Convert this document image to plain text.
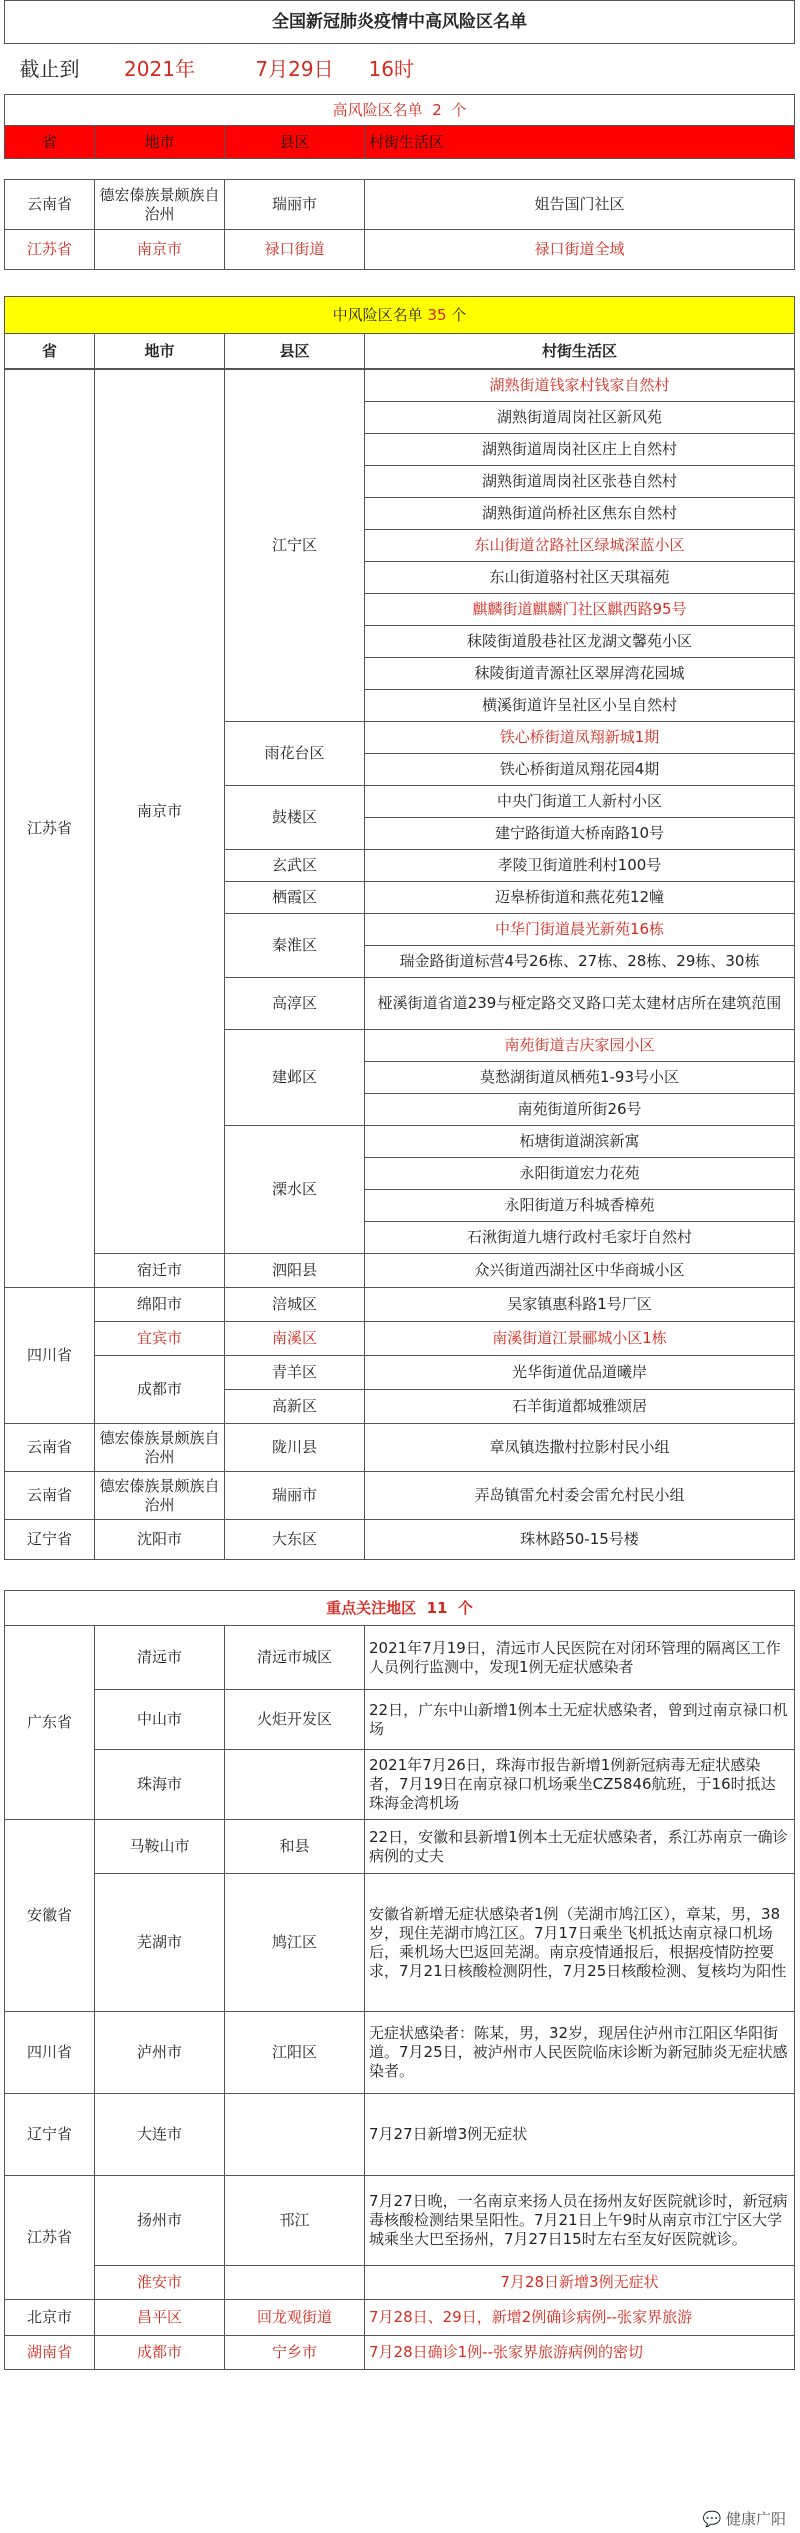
全国新冠肺炎疫情中高风险区名单			
截止到	2021年	7月29日	16时
高风险区名单 2 个			
省	地市	县区	村街生活区

云南省	德宏傣族景颇族自治州	瑞丽市	姐告国门社区
江苏省	南京市	禄口街道	禄口街道全域

中风险区名单 35 个			
省	地市	县区	村街生活区
江苏省	南京市	江宁区	湖熟街道钱家村钱家自然村
			湖熟街道周岗社区新风苑
			湖熟街道周岗社区庄上自然村
			湖熟街道周岗社区张巷自然村
			湖熟街道尚桥社区焦东自然村
			东山街道岔路社区绿城深蓝小区
			东山街道骆村社区天琪福苑
			麒麟街道麒麟门社区麒西路95号
			秣陵街道殷巷社区龙湖文馨苑小区
			秣陵街道青源社区翠屏湾花园城
			横溪街道许呈社区小呈自然村
		雨花台区	铁心桥街道凤翔新城1期
			铁心桥街道凤翔花园4期
		鼓楼区	中央门街道工人新村小区
			建宁路街道大桥南路10号
		玄武区	孝陵卫街道胜利村100号
		栖霞区	迈皋桥街道和燕花苑12幢
		秦淮区	中华门街道晨光新苑16栋
			瑞金路街道标营4号26栋、27栋、28栋、29栋、30栋
		高淳区	桠溪街道省道239与桠定路交叉路口芜太建材店所在建筑范围
		建邺区	南苑街道吉庆家园小区
			莫愁湖街道凤栖苑1-93号小区
			南苑街道所街26号
		溧水区	柘塘街道湖滨新寓
			永阳街道宏力花苑
			永阳街道万科城香樟苑
			石湫街道九塘行政村毛家圩自然村
	宿迁市	泗阳县	众兴街道西湖社区中华商城小区
四川省	绵阳市	涪城区	吴家镇惠科路1号厂区
	宜宾市	南溪区	南溪街道江景郦城小区1栋
	成都市	青羊区	光华街道优品道曦岸
		高新区	石羊街道都城雅颂居
云南省	德宏傣族景颇族自治州	陇川县	章凤镇迭撒村拉影村民小组
云南省	德宏傣族景颇族自治州	瑞丽市	弄岛镇雷允村委会雷允村民小组
辽宁省	沈阳市	大东区	珠林路50-15号楼

重点关注地区 11 个			
广东省	清远市	清远市城区	2021年7月19日，清远市人民医院在对闭环管理的隔离区工作人员例行监测中，发现1例无症状感染者
	中山市	火炬开发区	22日，广东中山新增1例本土无症状感染者，曾到过南京禄口机场
	珠海市		2021年7月26日，珠海市报告新增1例新冠病毒无症状感染者，7月19日在南京禄口机场乘坐CZ5846航班，于16时抵达珠海金湾机场
安徽省	马鞍山市	和县	22日，安徽和县新增1例本土无症状感染者，系江苏南京一确诊病例的丈夫
	芜湖市	鸠江区	安徽省新增无症状感染者1例（芜湖市鸠江区），章某，男，38岁，现住芜湖市鸠江区。7月17日乘坐飞机抵达南京禄口机场后，乘机场大巴返回芜湖。南京疫情通报后，根据疫情防控要求，7月21日核酸检测阴性，7月25日核酸检测、复核均为阳性
四川省	泸州市	江阳区	无症状感染者：陈某，男，32岁，现居住泸州市江阳区华阳街道。7月25日，被泸州市人民医院临床诊断为新冠肺炎无症状感染者。
辽宁省	大连市		7月27日新增3例无症状
江苏省	扬州市	邗江	7月27日晚，一名南京来扬人员在扬州友好医院就诊时，新冠病毒核酸检测结果呈阳性。7月21日上午9时从南京市江宁区大学城乘坐大巴至扬州，7月27日15时左右至友好医院就诊。
	淮安市		7月28日新增3例无症状
北京市	昌平区	回龙观街道	7月28日、29日，新增2例确诊病例--张家界旅游
湖南省	成都市	宁乡市	7月28日确诊1例--张家界旅游病例的密切
💬 健康广阳
